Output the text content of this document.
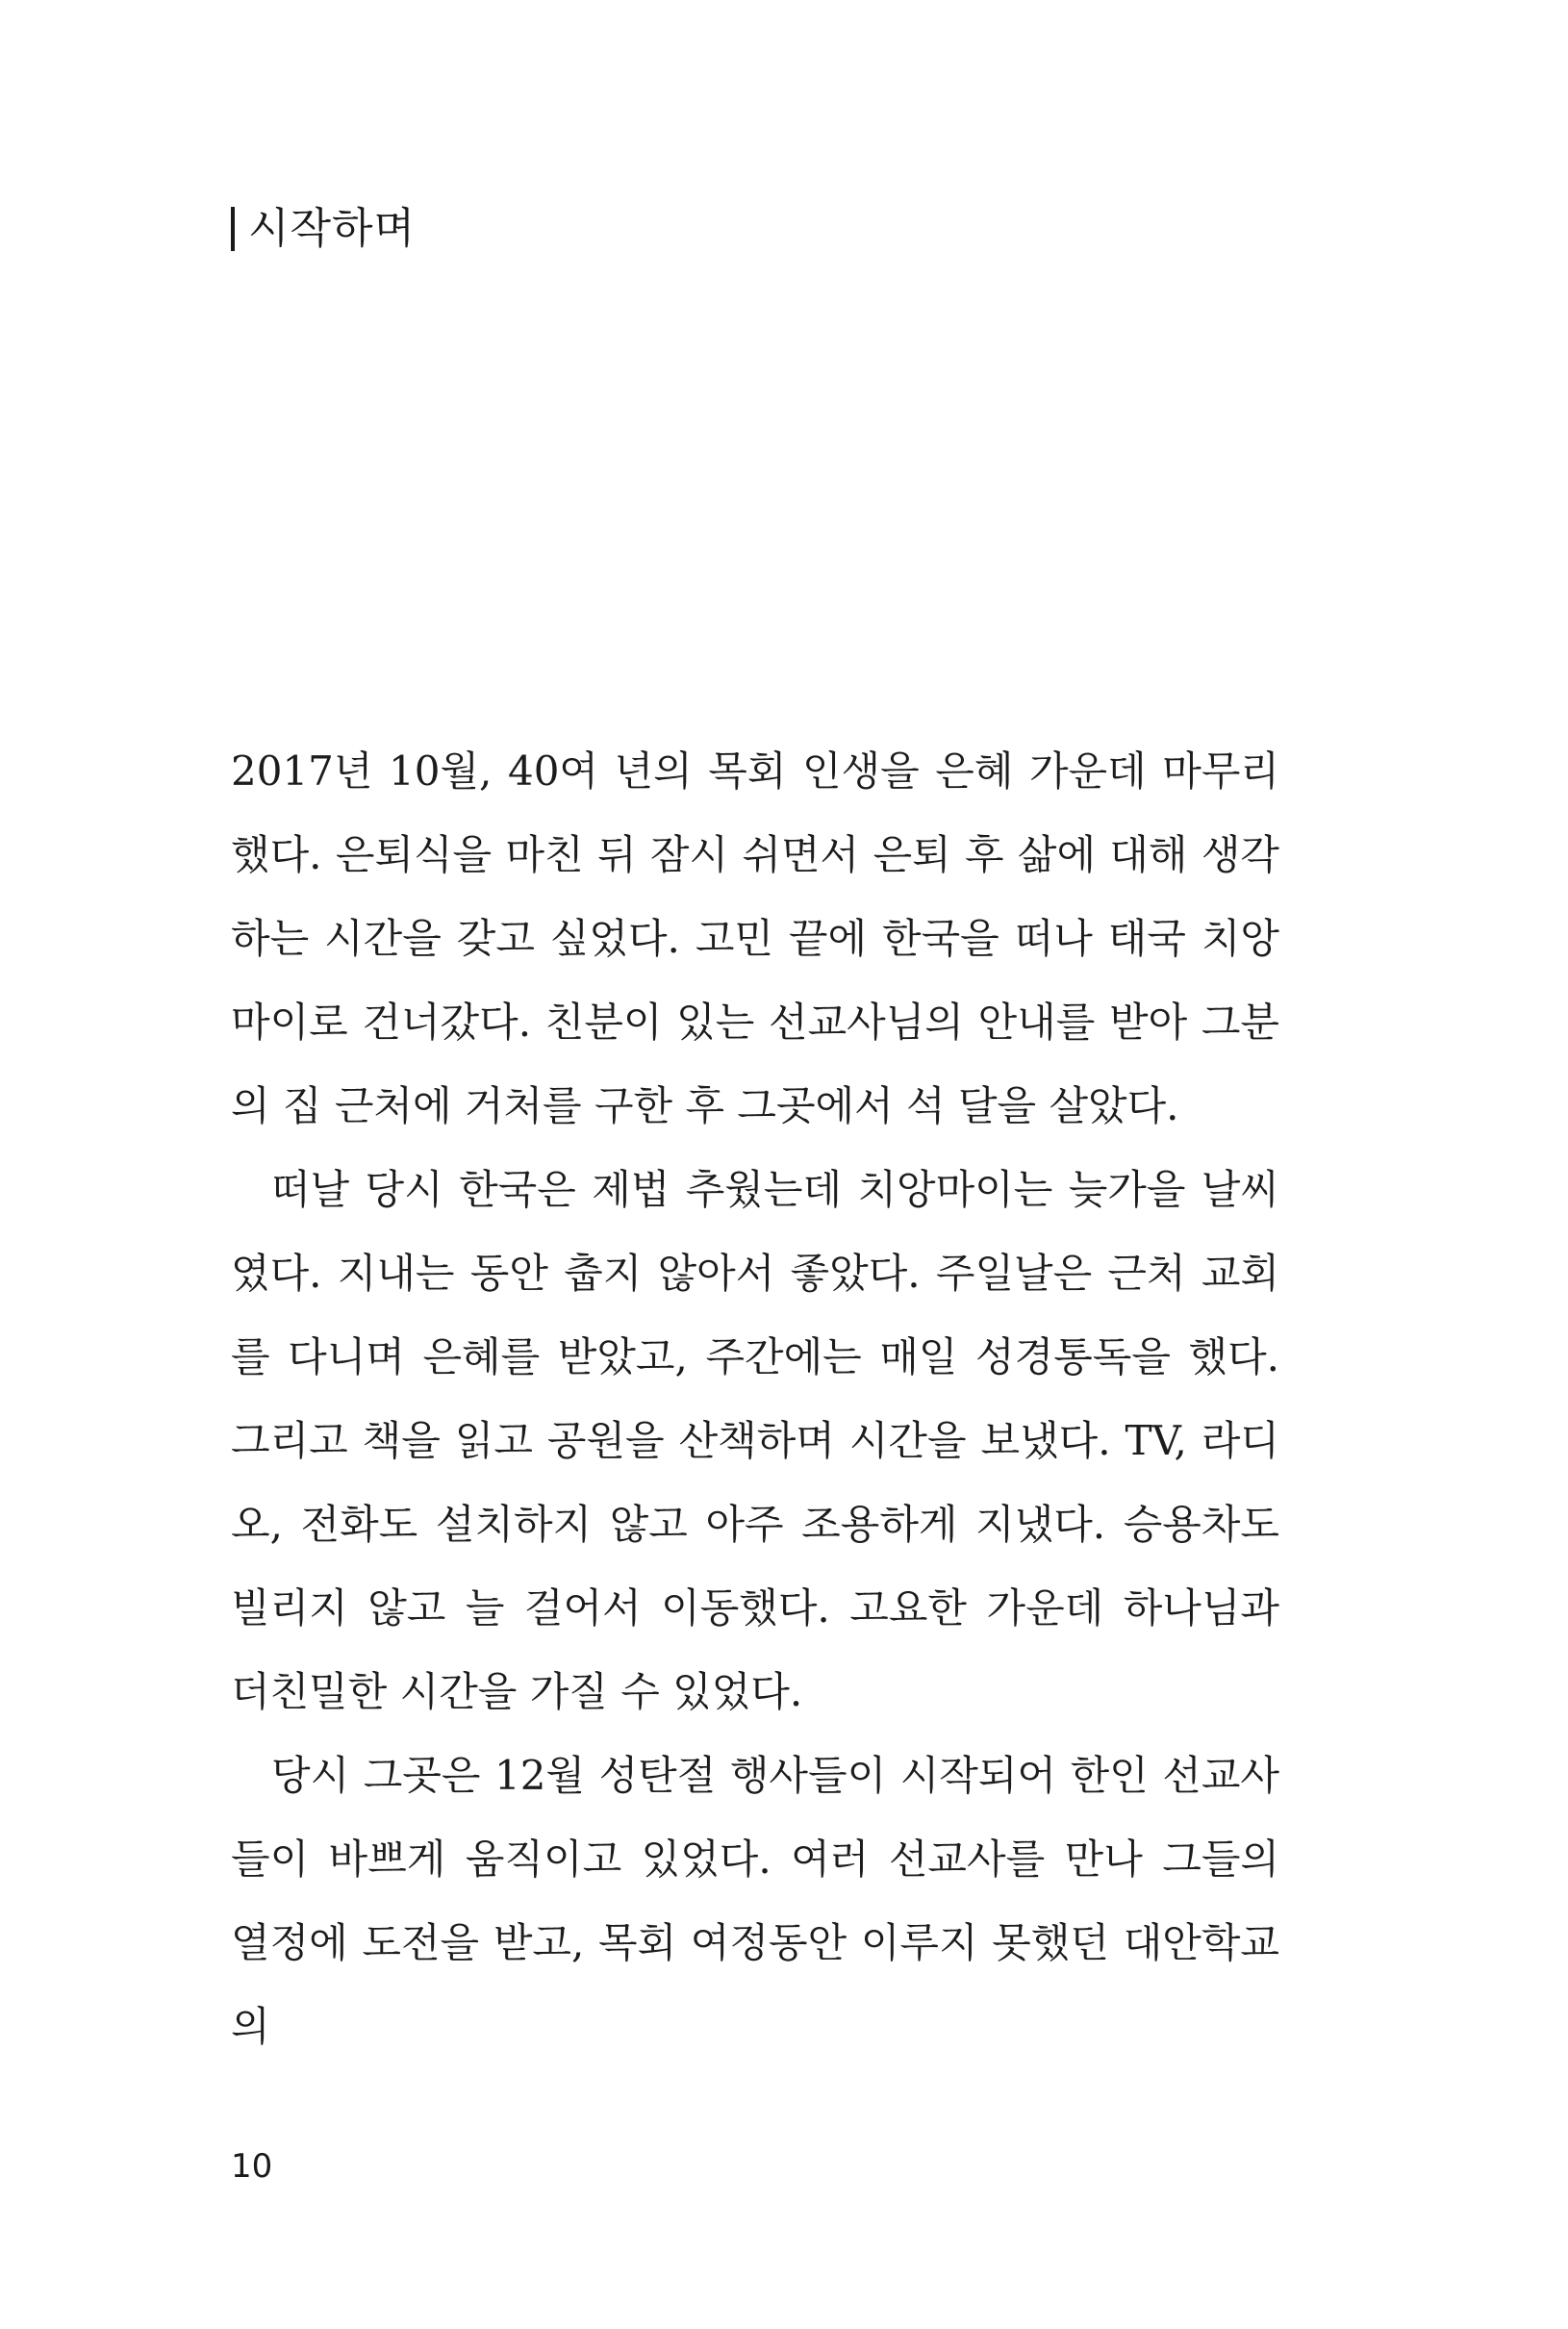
시작하며

2017년 10월, 40여 년의 목회 인생을 은혜 가운데 마무리했다. 은퇴식을 마친 뒤 잠시 쉬면서 은퇴 후 삶에 대해 생각하는 시간을 갖고 싶었다. 고민 끝에 한국을 떠나 태국 치앙마이로 건너갔다. 친분이 있는 선교사님의 안내를 받아 그분의 집 근처에 거처를 구한 후 그곳에서 석 달을 살았다.

떠날 당시 한국은 제법 추웠는데 치앙마이는 늦가을 날씨였다. 지내는 동안 춥지 않아서 좋았다. 주일날은 근처 교회를 다니며 은혜를 받았고, 주간에는 매일 성경통독을 했다. 그리고 책을 읽고 공원을 산책하며 시간을 보냈다. TV, 라디오, 전화도 설치하지 않고 아주 조용하게 지냈다. 승용차도빌리지 않고 늘 걸어서 이동했다. 고요한 가운데 하나님과 더친밀한 시간을 가질 수 있었다.

당시 그곳은 12월 성탄절 행사들이 시작되어 한인 선교사들이 바쁘게 움직이고 있었다. 여러 선교사를 만나 그들의 열정에 도전을 받고, 목회 여정동안 이루지 못했던 대안학교의

10
